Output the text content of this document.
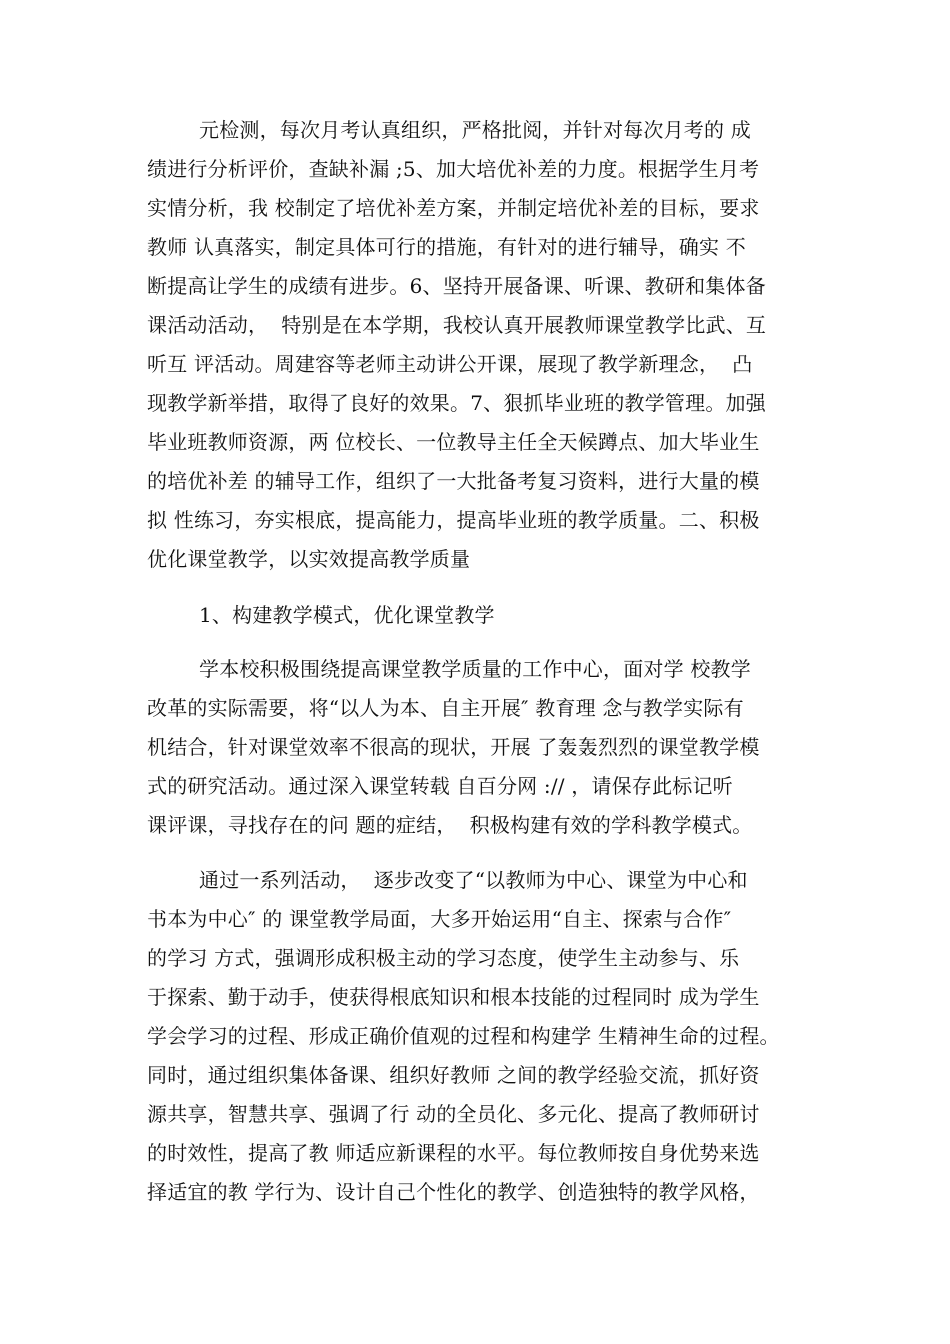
元检测，每次月考认真组织，严格批阅，并针对每次月考的 成
绩进行分析评价，查缺补漏 ;5、加大培优补差的力度。根据学生月考
实情分析，我 校制定了培优补差方案，并制定培优补差的目标，要求
教师 认真落实，制定具体可行的措施，有针对的进行辅导，确实 不
断提高让学生的成绩有进步。6、坚持开展备课、听课、教研和集体备
课活动活动，  特别是在本学期，我校认真开展教师课堂教学比武、互
听互 评活动。周建容等老师主动讲公开课，展现了教学新理念，  凸
现教学新举措，取得了良好的效果。7、狠抓毕业班的教学管理。加强
毕业班教师资源，两 位校长、一位教导主任全天候蹲点、加大毕业生
的培优补差 的辅导工作，组织了一大批备考复习资料，进行大量的模
拟 性练习，夯实根底，提高能力，提高毕业班的教学质量。二、积极
优化课堂教学，以实效提高教学质量
1、构建教学模式，优化课堂教学
学本校积极围绕提高课堂教学质量的工作中心，面对学 校教学
改革的实际需要，将“以人为本、自主开展″ 教育理 念与教学实际有
机结合，针对课堂效率不很高的现状，开展 了轰轰烈烈的课堂教学模
式的研究活动。通过深入课堂转载 自百分网 :// ，请保存此标记听
课评课，寻找存在的问 题的症结，  积极构建有效的学科教学模式。
通过一系列活动，  逐步改变了“以教师为中心、课堂为中心和
书本为中心″ 的 课堂教学局面，大多开始运用“自主、探索与合作″
的学习 方式，强调形成积极主动的学习态度，使学生主动参与、乐
于探索、勤于动手，使获得根底知识和根本技能的过程同时 成为学生
学会学习的过程、形成正确价值观的过程和构建学 生精神生命的过程。
同时，通过组织集体备课、组织好教师 之间的教学经验交流，抓好资
源共享，智慧共享、强调了行 动的全员化、多元化、提高了教师研讨
的时效性，提高了教 师适应新课程的水平。每位教师按自身优势来选
择适宜的教 学行为、设计自己个性化的教学、创造独特的教学风格，
